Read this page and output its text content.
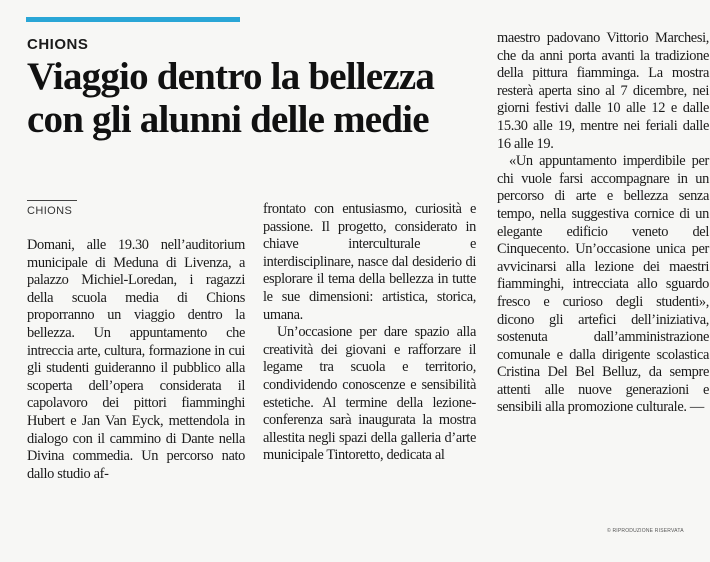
CHIONS
Viaggio dentro la bellezza con gli alunni delle medie
CHIONS

Domani, alle 19.30 nell’auditorium municipale di Meduna di Livenza, a palazzo Michiel-Loredan, i ragazzi della scuola media di Chions proporranno un viaggio dentro la bellezza. Un appuntamento che intreccia arte, cultura, formazione in cui gli studenti guideranno il pubblico alla scoperta dell’opera considerata il capolavoro dei pittori fiamminghi Hubert e Jan Van Eyck, mettendola in dialogo con il cammino di Dante nella Divina commedia. Un percorso nato dallo studio af-

frontato con entusiasmo, curiosità e passione. Il progetto, considerato in chiave interculturale e interdisciplinare, nasce dal desiderio di esplorare il tema della bellezza in tutte le sue dimensioni: artistica, storica, umana.

Un’occasione per dare spazio alla creatività dei giovani e rafforzare il legame tra scuola e territorio, condividendo conoscenze e sensibilità estetiche. Al termine della lezione-conferenza sarà inaugurata la mostra allestita negli spazi della galleria d’arte municipale Tintoretto, dedicata al

maestro padovano Vittorio Marchesi, che da anni porta avanti la tradizione della pittura fiamminga. La mostra resterà aperta sino al 7 dicembre, nei giorni festivi dalle 10 alle 12 e dalle 15.30 alle 19, mentre nei feriali dalle 16 alle 19.

«Un appuntamento imperdibile per chi vuole farsi accompagnare in un percorso di arte e bellezza senza tempo, nella suggestiva cornice di un elegante edificio veneto del Cinquecento. Un’occasione unica per avvicinarsi alla lezione dei maestri fiamminghi, intrecciata allo sguardo fresco e curioso degli studenti», dicono gli artefici dell’iniziativa, sostenuta dall’amministrazione comunale e dalla dirigente scolastica Cristina Del Bel Belluz, da sempre attenti alle nuove generazioni e sensibili alla promozione culturale. —

© RIPRODUZIONE RISERVATA
